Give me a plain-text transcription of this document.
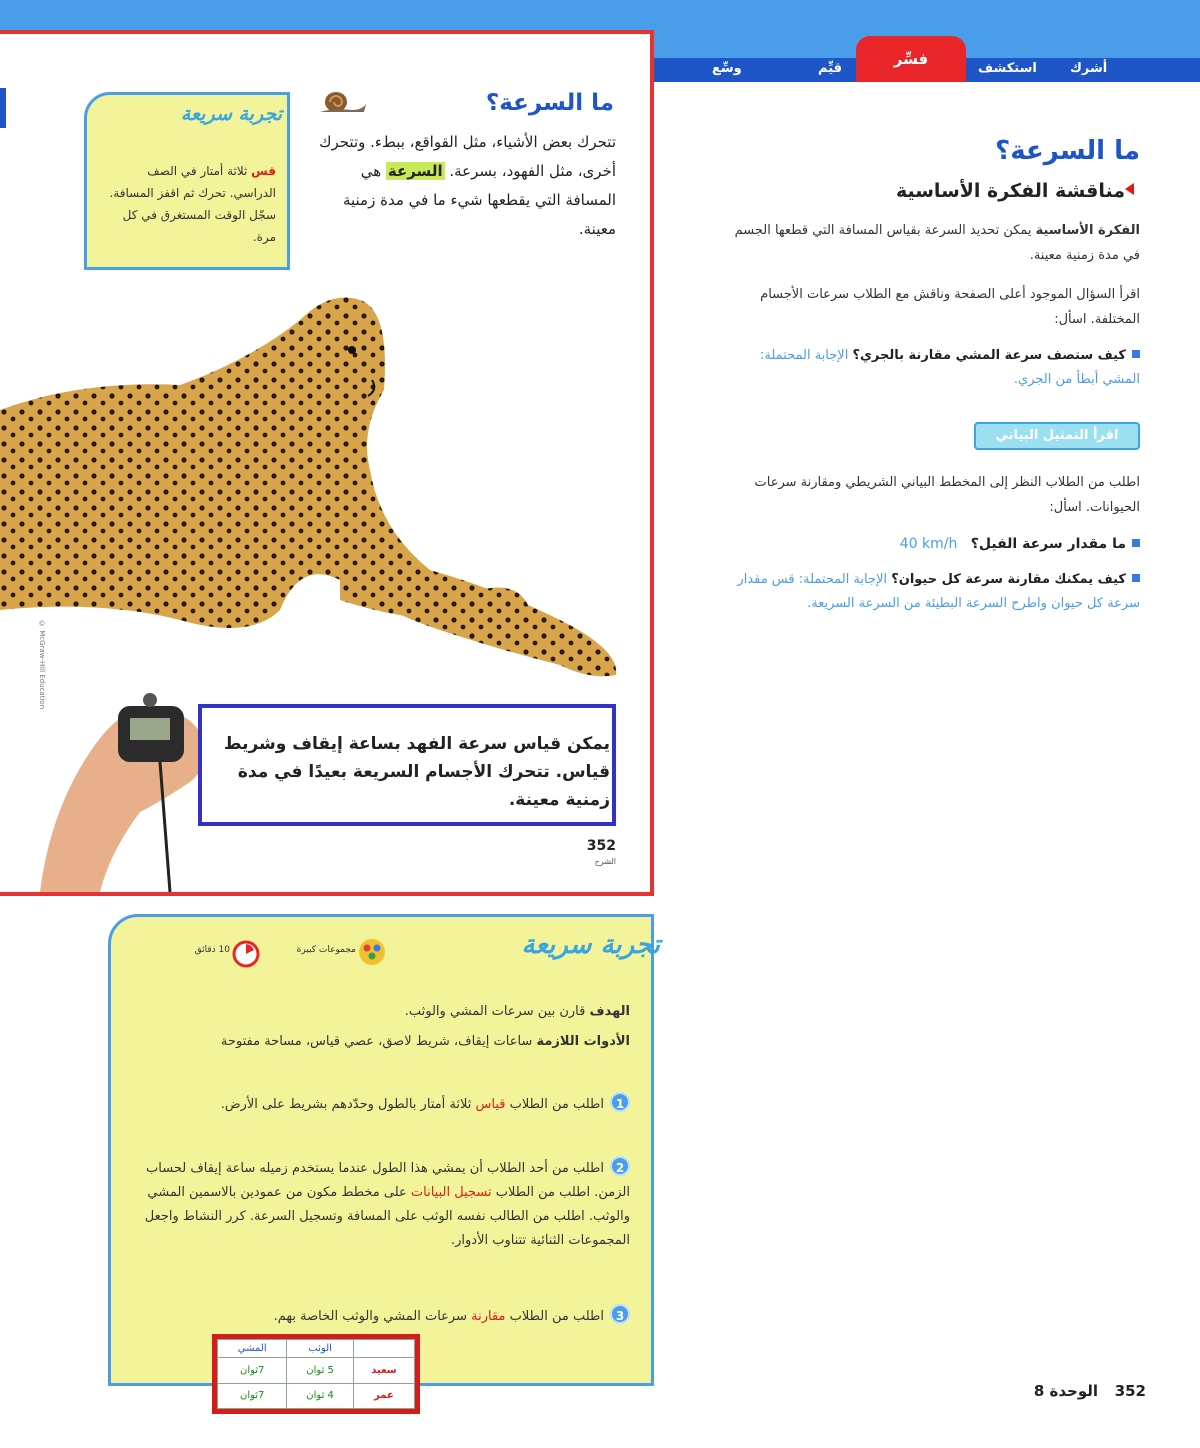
أشرك
استكشف
قيِّم
وسِّع
فسِّر
تجربة سريعة
قس ثلاثة أمتار في الصف الدراسي. تحرك ثم اقفز المسافة. سجّل الوقت المستغرق في كل مرة.
ما السرعة؟
تتحرك بعض الأشياء، مثل القواقع، ببطء. وتتحرك أخرى، مثل الفهود، بسرعة. السرعة هي المسافة التي يقطعها شيء ما في مدة زمنية معينة.
© McGraw-Hill Education
يمكن قياس سرعة الفهد بساعة إيقاف وشريط قياس. تتحرك الأجسام السريعة بعيدًا في مدة زمنية معينة.
352
الشرح
ما السرعة؟
مناقشة الفكرة الأساسية
الفكرة الأساسية يمكن تحديد السرعة بقياس المسافة التي قطعها الجسم في مدة زمنية معينة.
اقرأ السؤال الموجود أعلى الصفحة وناقش مع الطلاب سرعات الأجسام المختلفة. اسأل:
كيف ستصف سرعة المشي مقارنة بالجري؟ الإجابة المحتملة: المشي أبطأ من الجري.
اقرأ التمثيل البياني
اطلب من الطلاب النظر إلى المخطط البياني الشريطي ومقارنة سرعات الحيوانات. اسأل:
ما مقدار سرعة الفيل؟   40 km/h
كيف يمكنك مقارنة سرعة كل حيوان؟ الإجابة المحتملة: قس مقدار سرعة كل حيوان واطرح السرعة البطيئة من السرعة السريعة.
تجربة سريعة
مجموعات كبيرة
10 دقائق
الهدف قارن بين سرعات المشي والوثب.
الأدوات اللازمة ساعات إيقاف، شريط لاصق، عصي قياس، مساحة مفتوحة
1اطلب من الطلاب قياس ثلاثة أمتار بالطول وحدّدهم بشريط على الأرض.
2اطلب من أحد الطلاب أن يمشي هذا الطول عندما يستخدم زميله ساعة إيقاف لحساب الزمن. اطلب من الطلاب تسجيل البيانات على مخطط مكون من عمودين بالاسمين المشي والوثب. اطلب من الطالب نفسه الوثب على المسافة وتسجيل السرعة. كرر النشاط واجعل المجموعات الثنائية تتناوب الأدوار.
3اطلب من الطلاب مقارنة سرعات المشي والوثب الخاصة بهم.
	الوثب	المشي
سعيد	5 ثوان	7ثوان
عمر	4 ثوان	7ثوان	352
الوحدة 8
